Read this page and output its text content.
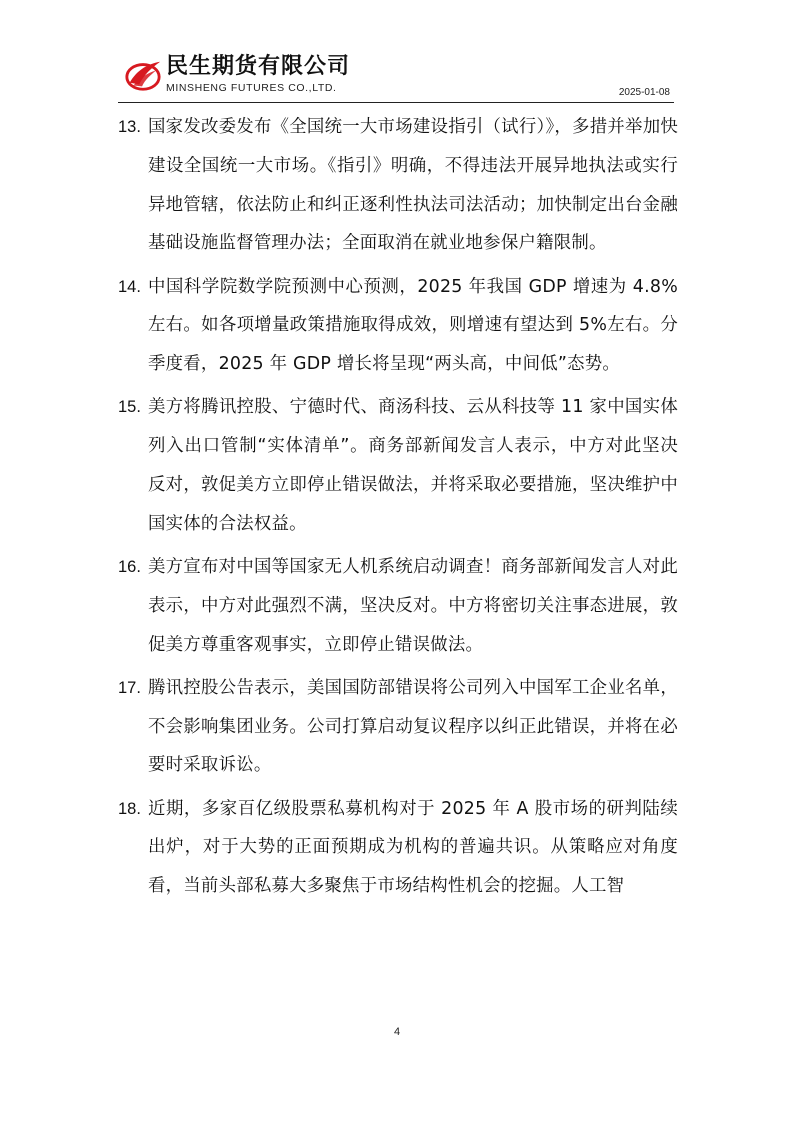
民生期货有限公司
MINSHENG FUTURES CO.,LTD.	2025-01-08
13. 国家发改委发布《全国统一大市场建设指引（试行）》，多措并举加快建设全国统一大市场。《指引》明确，不得违法开展异地执法或实行异地管辖，依法防止和纠正逐利性执法司法活动；加快制定出台金融基础设施监督管理办法；全面取消在就业地参保户籍限制。
14. 中国科学院数学院预测中心预测，2025 年我国 GDP 增速为 4.8%左右。如各项增量政策措施取得成效，则增速有望达到 5%左右。分季度看，2025 年 GDP 增长将呈现“两头高，中间低”态势。
15. 美方将腾讯控股、宁德时代、商汤科技、云从科技等 11 家中国实体列入出口管制“实体清单”。商务部新闻发言人表示，中方对此坚决反对，敦促美方立即停止错误做法，并将采取必要措施，坚决维护中国实体的合法权益。
16. 美方宣布对中国等国家无人机系统启动调查！商务部新闻发言人对此表示，中方对此强烈不满，坚决反对。中方将密切关注事态进展，敦促美方尊重客观事实，立即停止错误做法。
17. 腾讯控股公告表示，美国国防部错误将公司列入中国军工企业名单，不会影响集团业务。公司打算启动复议程序以纠正此错误，并将在必要时采取诉讼。
18. 近期，多家百亿级股票私募机构对于 2025 年 A 股市场的研判陆续出炉，对于大势的正面预期成为机构的普遍共识。从策略应对角度看，当前头部私募大多聚焦于市场结构性机会的挖掘。人工智
4
